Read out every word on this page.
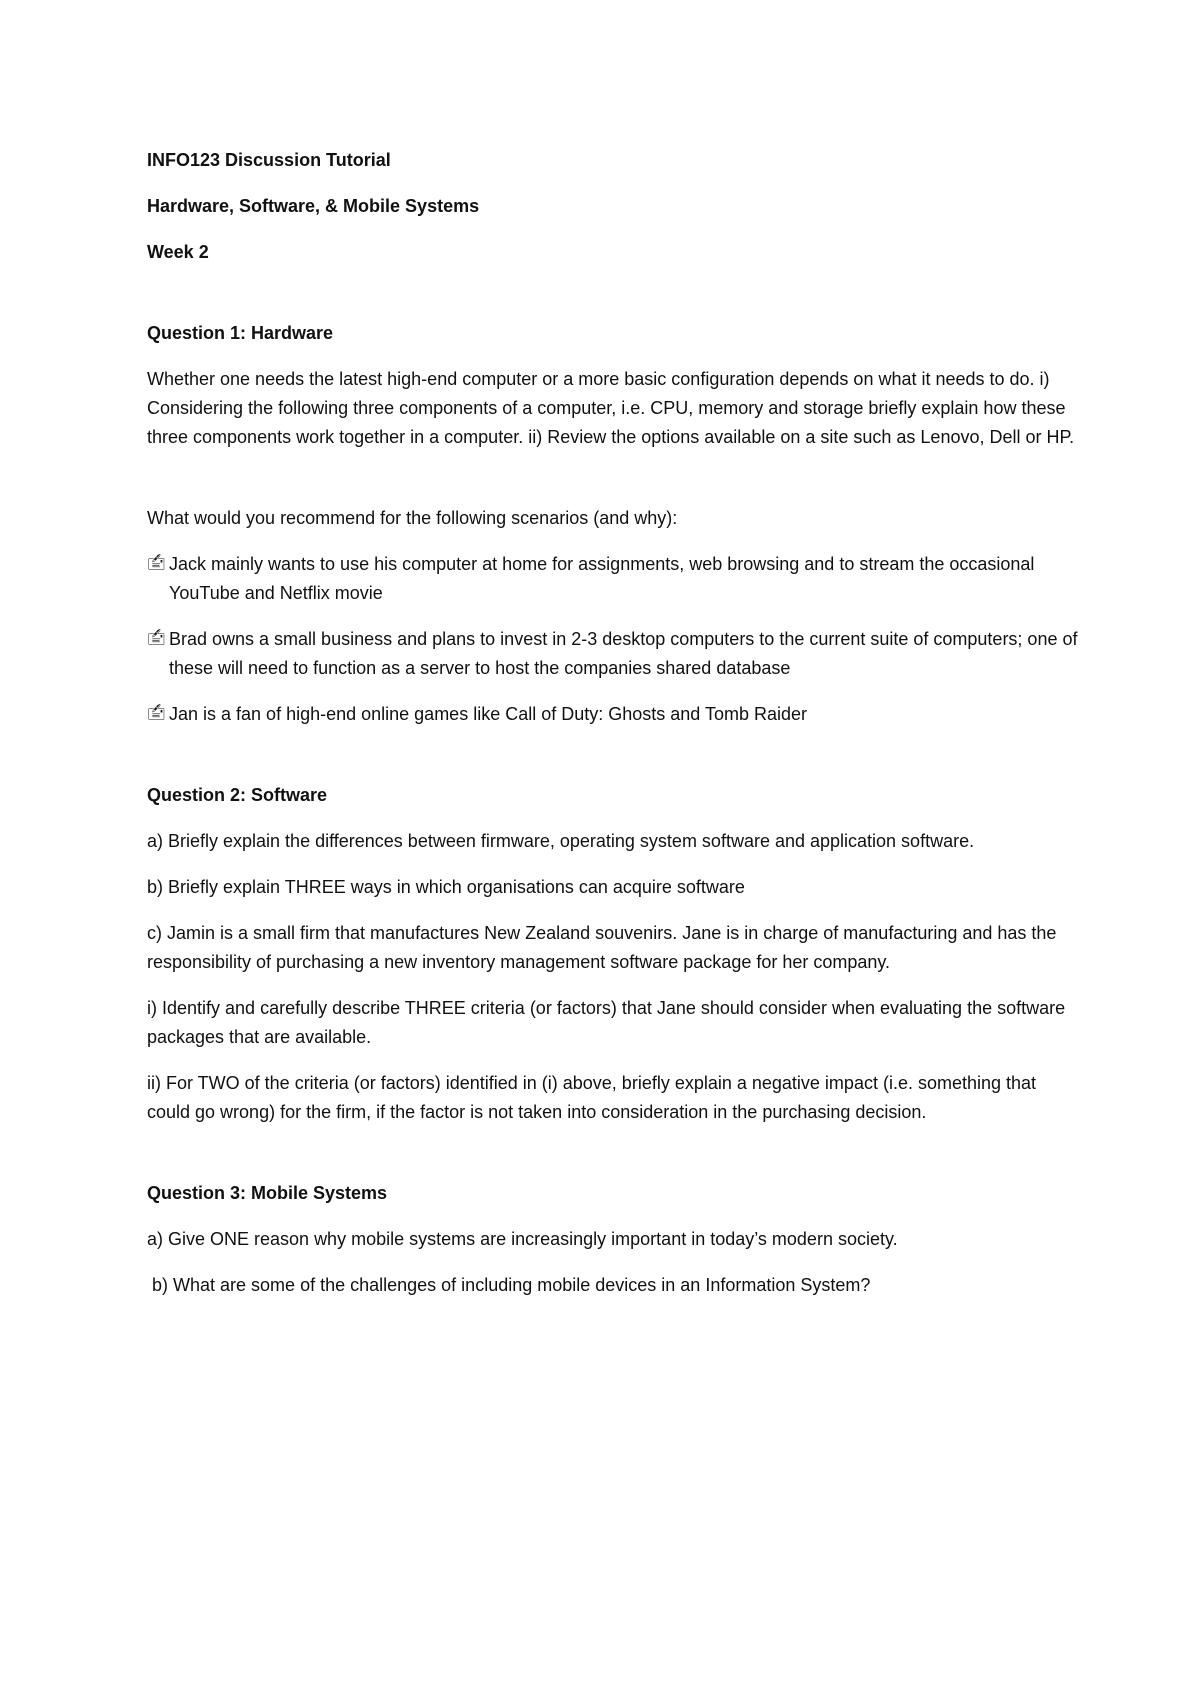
INFO123 Discussion Tutorial

Hardware, Software, & Mobile Systems

Week 2

Question 1: Hardware

Whether one needs the latest high-end computer or a more basic configuration depends on what it needs to do. i) Considering the following three components of a computer, i.e. CPU, memory and storage briefly explain how these three components work together in a computer. ii) Review the options available on a site such as Lenovo, Dell or HP.

What would you recommend for the following scenarios (and why):

🖆 Jack mainly wants to use his computer at home for assignments, web browsing and to stream the occasional YouTube and Netflix movie
🖆 Brad owns a small business and plans to invest in 2-3 desktop computers to the current suite of computers; one of these will need to function as a server to host the companies shared database
🖆 Jan is a fan of high-end online games like Call of Duty: Ghosts and Tomb Raider

Question 2: Software

a) Briefly explain the differences between firmware, operating system software and application software.

b) Briefly explain THREE ways in which organisations can acquire software

c) Jamin is a small firm that manufactures New Zealand souvenirs. Jane is in charge of manufacturing and has the responsibility of purchasing a new inventory management software package for her company.

i) Identify and carefully describe THREE criteria (or factors) that Jane should consider when evaluating the software packages that are available.

ii) For TWO of the criteria (or factors) identified in (i) above, briefly explain a negative impact (i.e. something that could go wrong) for the firm, if the factor is not taken into consideration in the purchasing decision.

Question 3: Mobile Systems

a) Give ONE reason why mobile systems are increasingly important in today’s modern society.

b) What are some of the challenges of including mobile devices in an Information System?
